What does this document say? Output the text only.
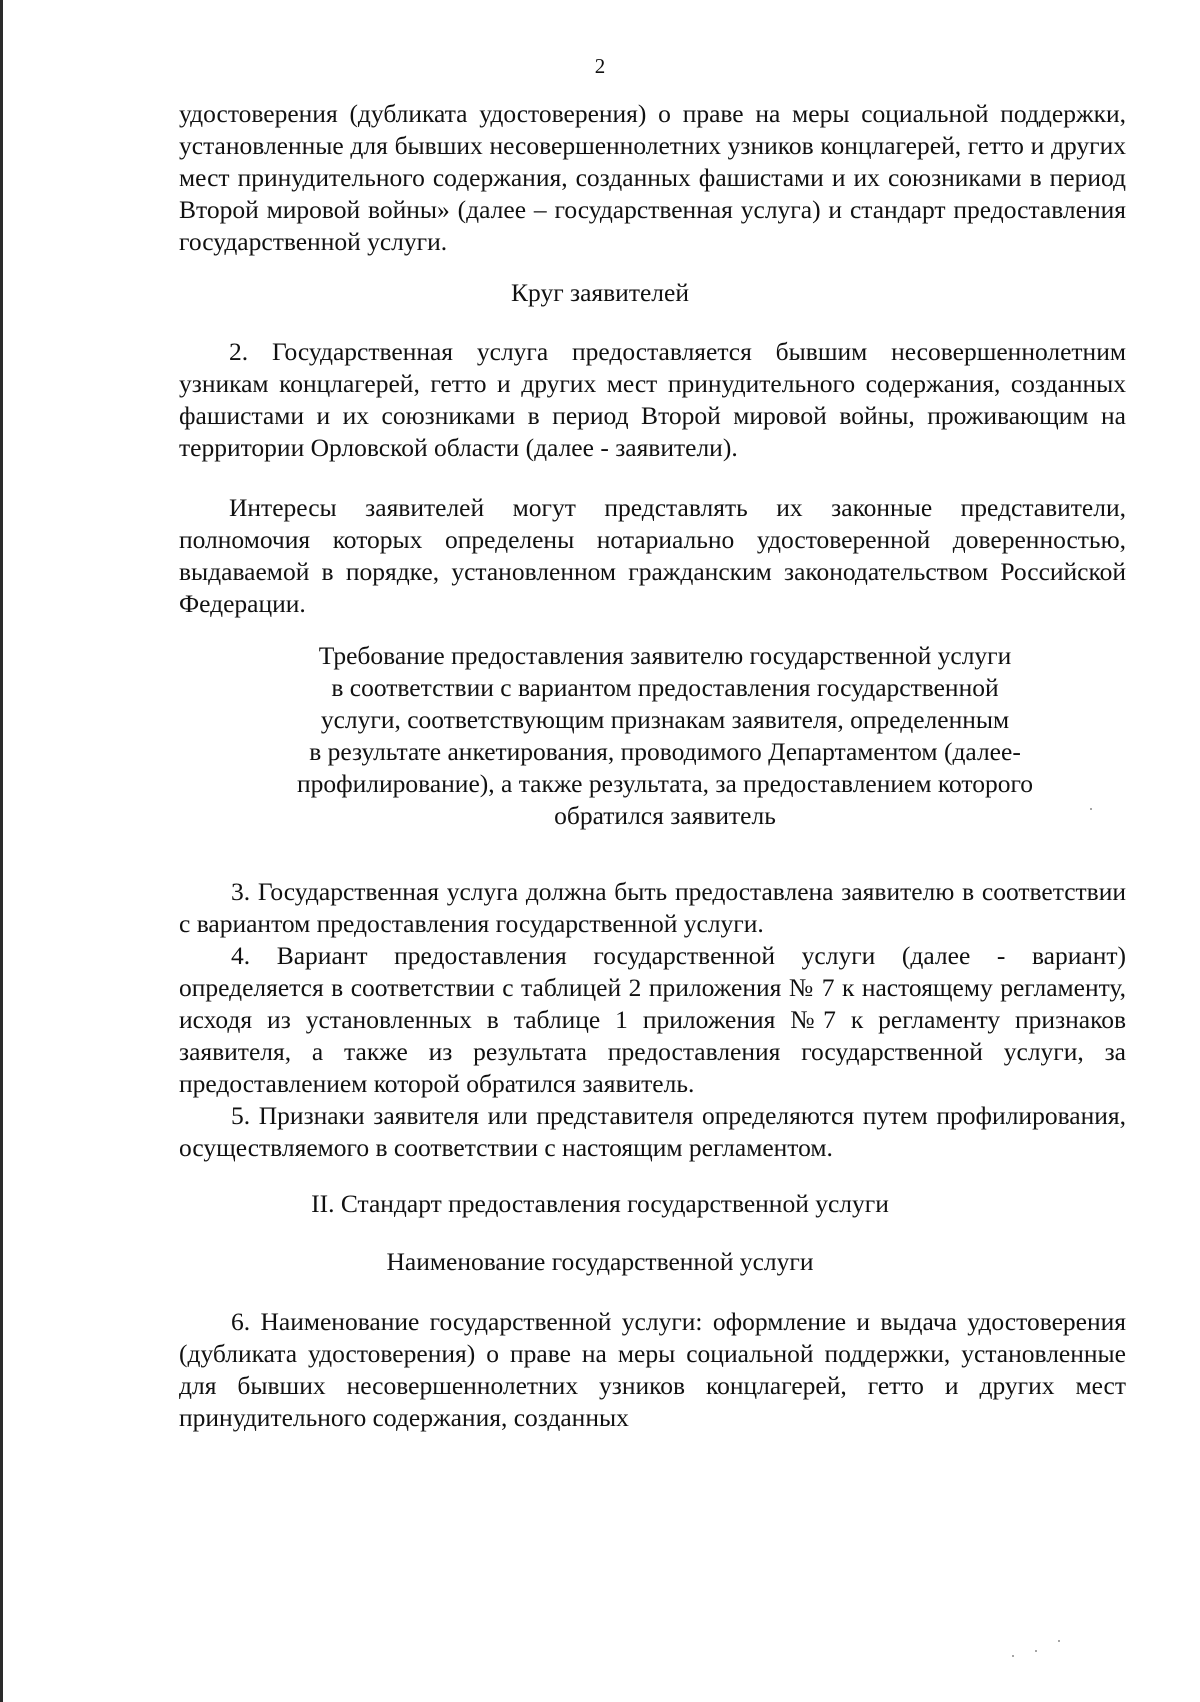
2
удостоверения (дубликата удостоверения) о праве на меры социальной поддержки, установленные для бывших несовершеннолетних узников концлагерей, гетто и других мест принудительного содержания, созданных фашистами и их союзниками в период Второй мировой войны» (далее – государственная услуга) и стандарт предоставления государственной услуги.
Круг заявителей
2. Государственная услуга предоставляется бывшим несовершеннолетним узникам концлагерей, гетто и других мест принудительного содержания, созданных фашистами и их союзниками в период Второй мировой войны, проживающим на территории Орловской области (далее - заявители).
Интересы заявителей могут представлять их законные представители, полномочия которых определены нотариально удостоверенной доверенностью, выдаваемой в порядке, установленном гражданским законодательством Российской Федерации.
Требование предоставления заявителю государственной услуги
в соответствии с вариантом предоставления государственной
услуги, соответствующим признакам заявителя, определенным
в результате анкетирования, проводимого Департаментом (далее-
профилирование), а также результата, за предоставлением которого
обратился заявитель
3. Государственная услуга должна быть предоставлена заявителю в соответствии с вариантом предоставления государственной услуги.
4. Вариант предоставления государственной услуги (далее - вариант) определяется в соответствии с таблицей 2 приложения № 7 к настоящему регламенту, исходя из установленных в таблице 1 приложения №7 к регламенту признаков заявителя, а также из результата предоставления государственной услуги, за предоставлением которой обратился заявитель.
5. Признаки заявителя или представителя определяются путем профилирования, осуществляемого в соответствии с настоящим регламентом.
II. Стандарт предоставления государственной услуги
Наименование государственной услуги
6. Наименование государственной услуги: оформление и выдача удостоверения (дубликата удостоверения) о праве на меры социальной поддержки, установленные для бывших несовершеннолетних узников концлагерей, гетто и других мест принудительного содержания, созданных
